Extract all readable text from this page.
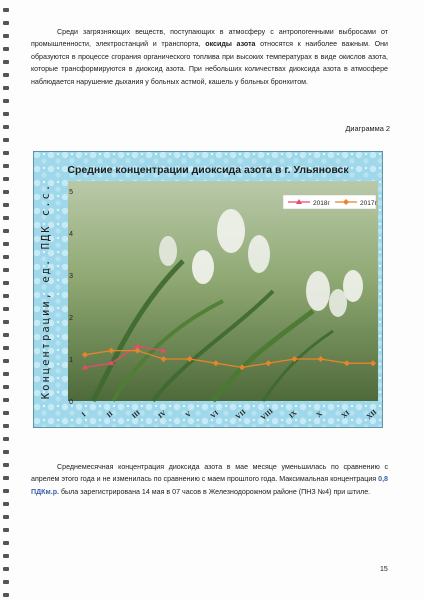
Среди загрязняющих веществ, поступающих в атмосферу с антропогенными выбросами от промышленности, электростанций и транспорта, оксиды азота относятся к наиболее важным. Они образуются в процессе сгорания органического топлива при высоких температурах в виде окислов азота, которые трансформируются в диоксид азота. При небольших количествах диоксида азота в атмосфере наблюдается нарушение дыхания у больных астмой, кашель у больных бронхитом.
Диаграмма 2
Средние концентрации диоксида азота в г. Ульяновск
Концентрации, ед. ПДК с.с.
0
1
2
3
4
5
I	II III IV V VI VII VIII IX X XI XII
2018г	2017г
Среднемесячная концентрация диоксида азота в мае месяце уменьшилась по сравнению с апрелем этого года и не изменилась по сравнению с маем прошлого года. Максимальная концентрация 0,8 ПДКм.р. была зарегистрирована 14 мая в 07 часов в Железнодорожном районе (ПНЗ №4) при штиле.
15
